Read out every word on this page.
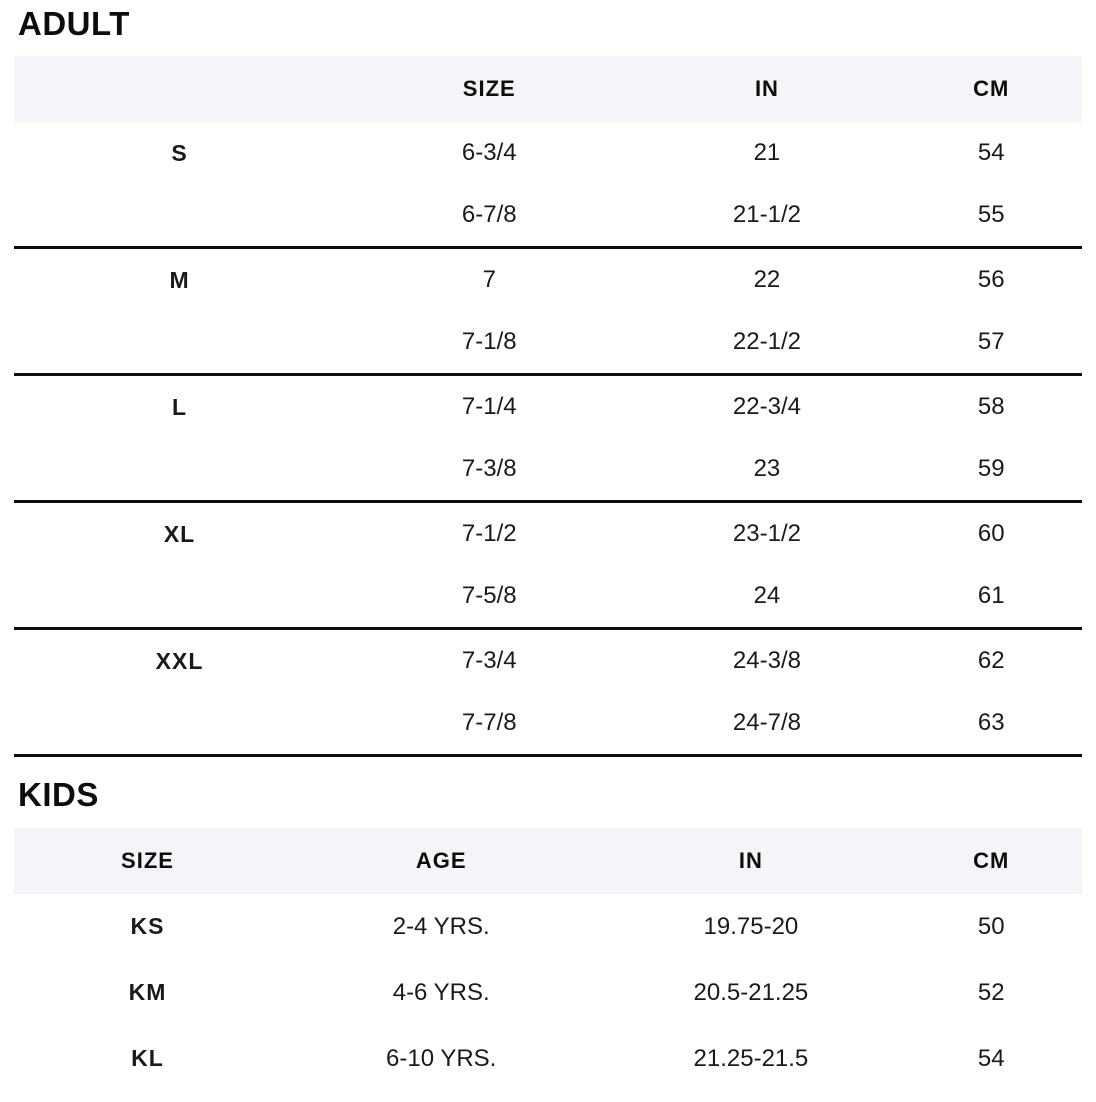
ADULT
	SIZE	IN	CM
S	6-3/4	21	54
	6-7/8	21-1/2	55
M	7	22	56
	7-1/8	22-1/2	57
L	7-1/4	22-3/4	58
	7-3/8	23	59
XL	7-1/2	23-1/2	60
	7-5/8	24	61
XXL	7-3/4	24-3/8	62
	7-7/8	24-7/8	63
KIDS
SIZE	AGE	IN	CM
KS	2-4 YRS.	19.75-20	50
KM	4-6 YRS.	20.5-21.25	52
KL	6-10 YRS.	21.25-21.5	54
